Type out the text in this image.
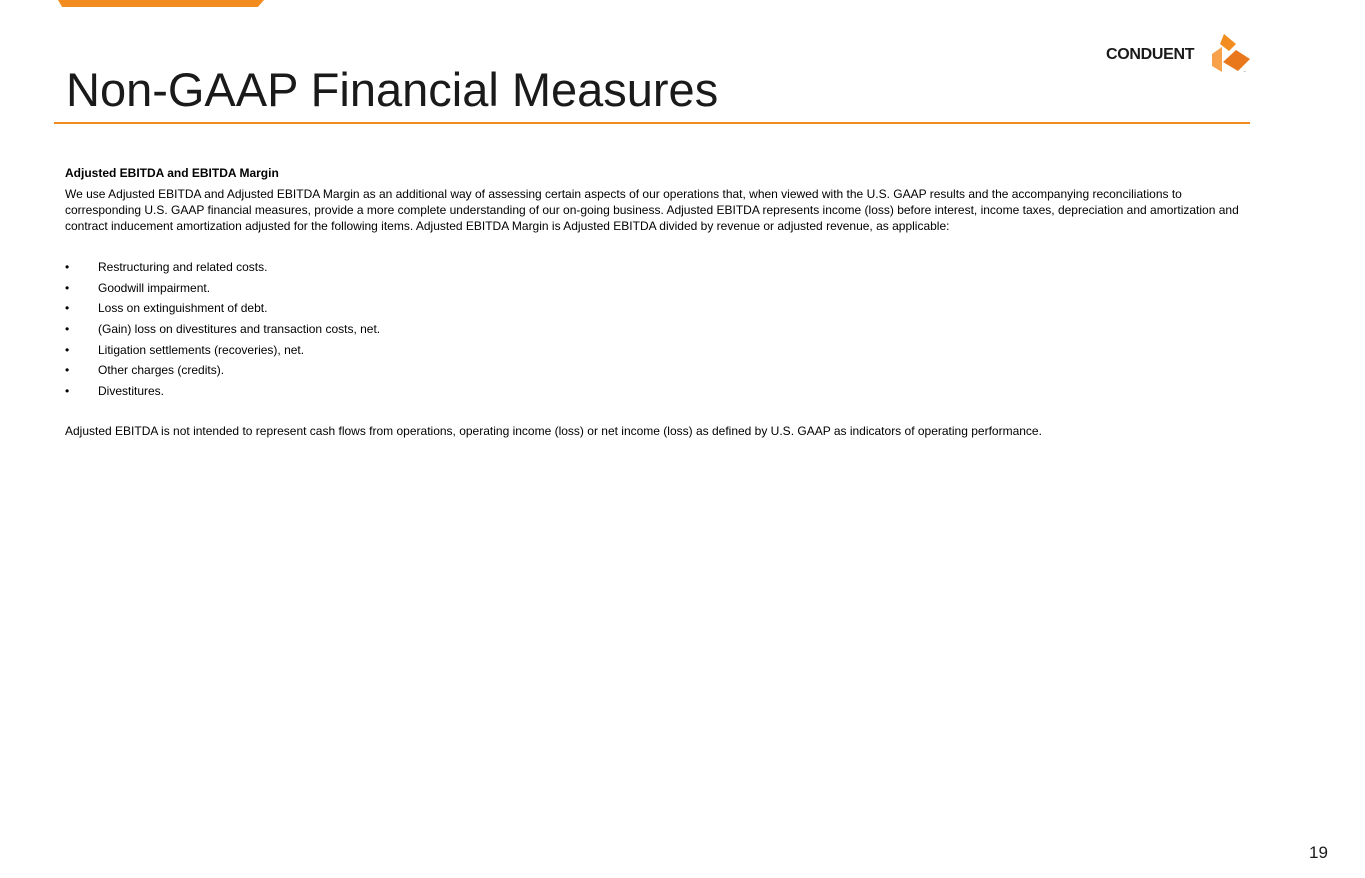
Non-GAAP Financial Measures
CONDUENT
™

Adjusted EBITDA and EBITDA Margin

We use Adjusted EBITDA and Adjusted EBITDA Margin as an additional way of assessing certain aspects of our operations that, when viewed with the U.S. GAAP results and the accompanying reconciliations to corresponding U.S. GAAP financial measures, provide a more complete understanding of our on-going business. Adjusted EBITDA represents income (loss) before interest, income taxes, depreciation and amortization and contract inducement amortization adjusted for the following items. Adjusted EBITDA Margin is Adjusted EBITDA divided by revenue or adjusted revenue, as applicable:

• Restructuring and related costs.
• Goodwill impairment.
• Loss on extinguishment of debt.
• (Gain) loss on divestitures and transaction costs, net.
• Litigation settlements (recoveries), net.
• Other charges (credits).
• Divestitures.

Adjusted EBITDA is not intended to represent cash flows from operations, operating income (loss) or net income (loss) as defined by U.S. GAAP as indicators of operating performance.

19
